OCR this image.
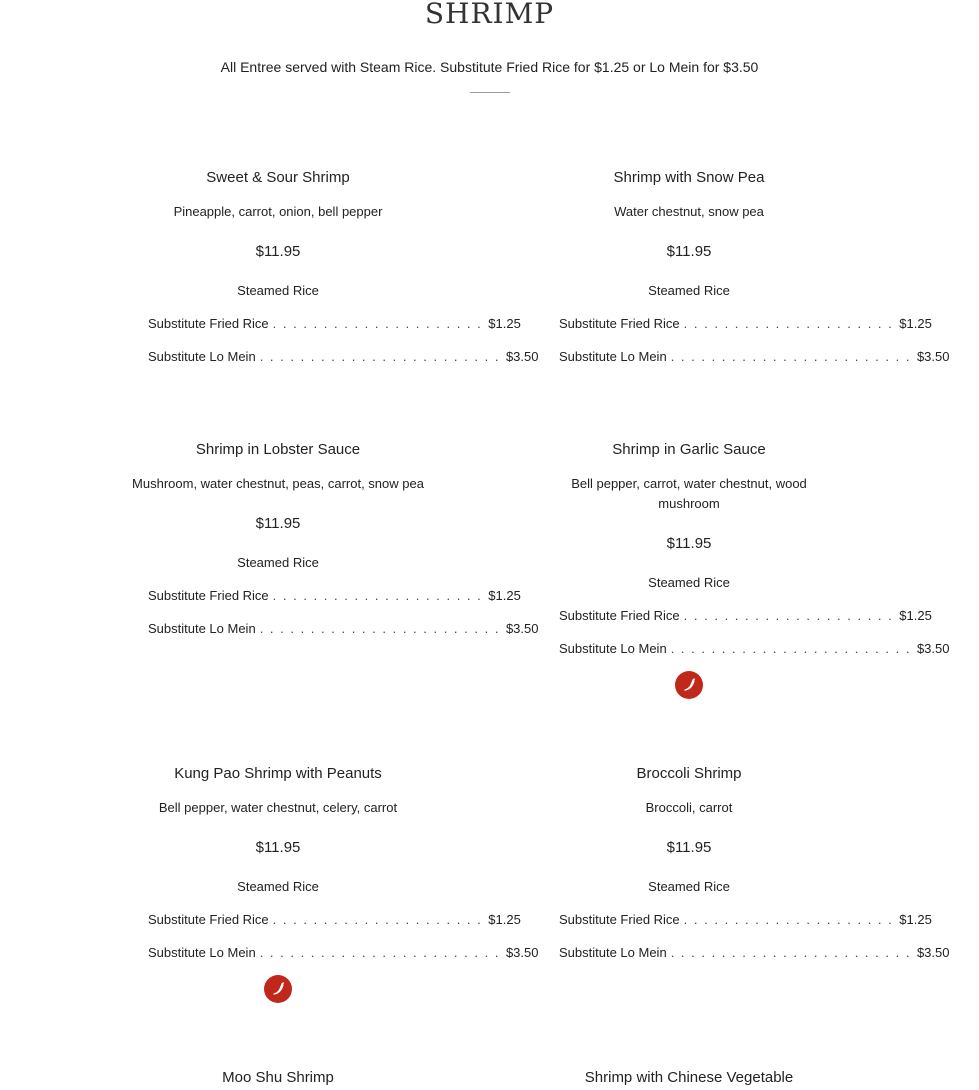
SHRIMP
All Entree served with Steam Rice. Substitute Fried Rice for $1.25 or Lo Mein for $3.50
Sweet & Sour Shrimp
Pineapple, carrot, onion, bell pepper
$11.95
Steamed Rice
Substitute Fried Rice . . . . . . . . . . . . . . . . . . . . . $1.25
Substitute Lo Mein . . . . . . . . . . . . . . . . . . . . . . . . $3.50
Shrimp with Snow Pea
Water chestnut, snow pea
$11.95
Steamed Rice
Substitute Fried Rice . . . . . . . . . . . . . . . . . . . . . $1.25
Substitute Lo Mein . . . . . . . . . . . . . . . . . . . . . . . . $3.50
Shrimp in Lobster Sauce
Mushroom, water chestnut, peas, carrot, snow pea
$11.95
Steamed Rice
Substitute Fried Rice . . . . . . . . . . . . . . . . . . . . . $1.25
Substitute Lo Mein . . . . . . . . . . . . . . . . . . . . . . . . $3.50
Shrimp in Garlic Sauce
Bell pepper, carrot, water chestnut, wood mushroom
$11.95
Steamed Rice
Substitute Fried Rice . . . . . . . . . . . . . . . . . . . . . $1.25
Substitute Lo Mein . . . . . . . . . . . . . . . . . . . . . . . . $3.50
Kung Pao Shrimp with Peanuts
Bell pepper, water chestnut, celery, carrot
$11.95
Steamed Rice
Substitute Fried Rice . . . . . . . . . . . . . . . . . . . . . $1.25
Substitute Lo Mein . . . . . . . . . . . . . . . . . . . . . . . . $3.50
Broccoli Shrimp
Broccoli, carrot
$11.95
Steamed Rice
Substitute Fried Rice . . . . . . . . . . . . . . . . . . . . . $1.25
Substitute Lo Mein . . . . . . . . . . . . . . . . . . . . . . . . $3.50
Moo Shu Shrimp	Shrimp with Chinese Vegetable
